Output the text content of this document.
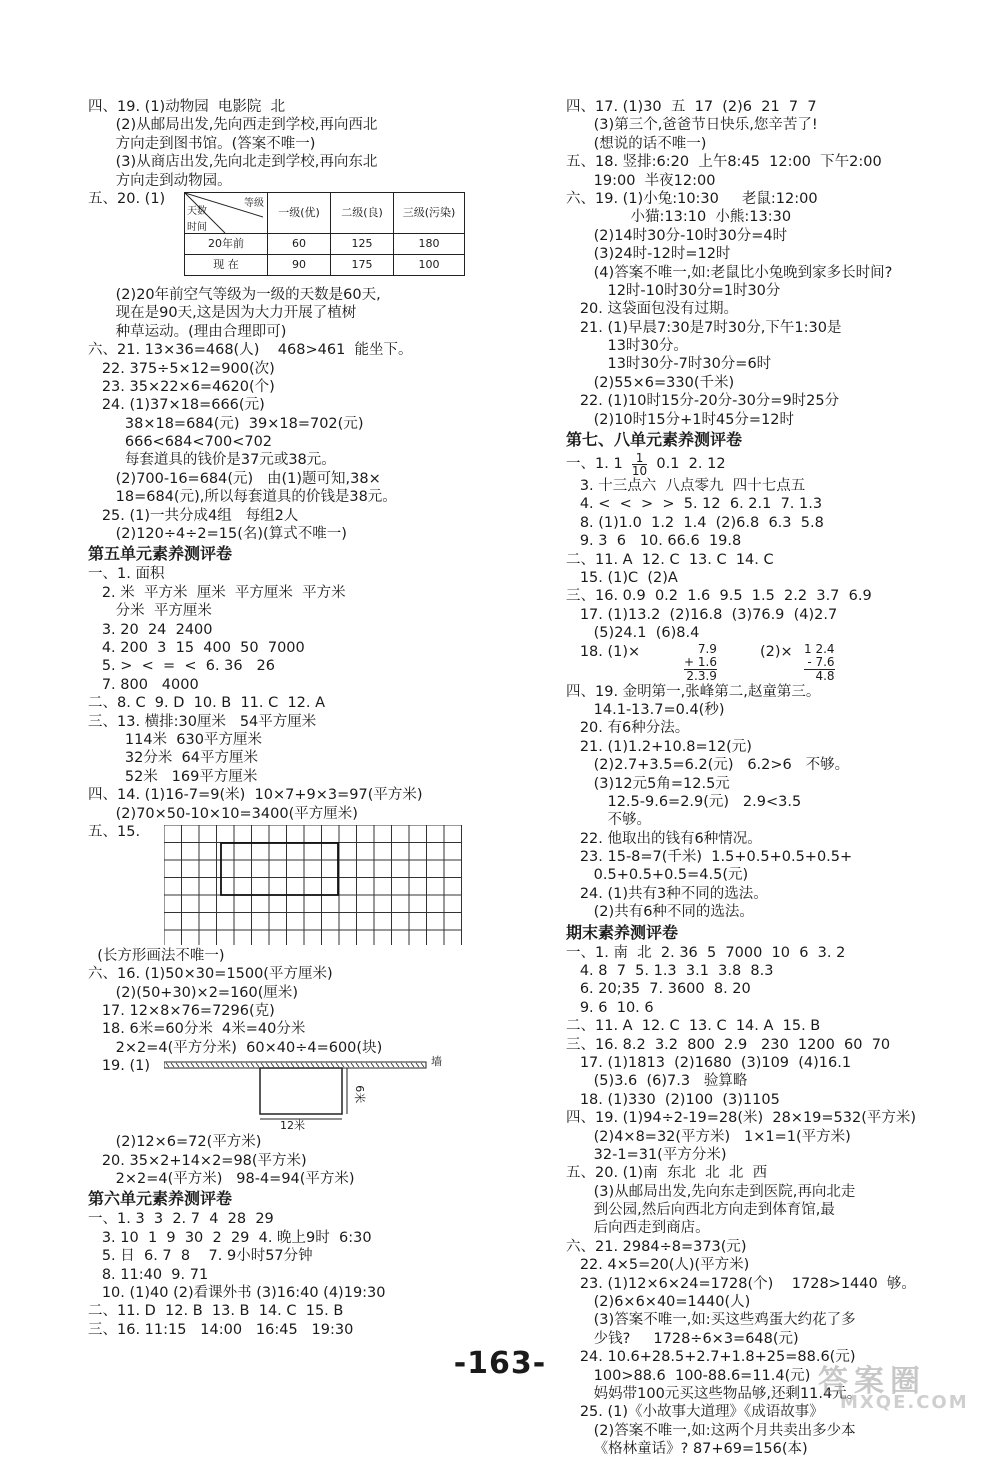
四、19. (1)动物园  电影院  北
(2)从邮局出发,先向西走到学校,再向西北
方向走到图书馆。(答案不唯一)
(3)从商店出发,先向北走到学校,再向东北
方向走到动物园。
五、20. (1)	等级
天数
时间	一级(优)	二级(良)	三级(污染)
20年前	60	125	180
现 在	90	175	100
(2)20年前空气等级为一级的天数是60天,
现在是90天,这是因为大力开展了植树
种草运动。(理由合理即可)
六、21. 13×36=468(人)    468>461  能坐下。
22. 375÷5×12=900(次)
23. 35×22×6=4620(个)
24. (1)37×18=666(元)
38×18=684(元)  39×18=702(元)
666<684<700<702
每套道具的钱价是37元或38元。
(2)700-16=684(元)   由(1)题可知,38×
18=684(元),所以每套道具的价钱是38元。
25. (1)一共分成4组   每组2人
(2)120÷4÷2=15(名)(算式不唯一)
第五单元素养测评卷
一、1. 面积
2. 米  平方米  厘米  平方厘米  平方米
分米  平方厘米
3. 20  24  2400
4. 200  3  15  400  50  7000
5. >  <  =  <  6. 36   26
7. 800   4000
二、8. C  9. D  10. B  11. C  12. A
三、13. 横排:30厘米   54平方厘米
114米  630平方厘米
32分米  64平方厘米
52米   169平方厘米
四、14. (1)16-7=9(米)  10×7+9×3=97(平方米)
(2)70×50-10×10=3400(平方厘米)
五、15.
(长方形画法不唯一)
六、16. (1)50×30=1500(平方厘米)
(2)(50+30)×2=160(厘米)
17. 12×8×76=7296(克)
18. 6米=60分米  4米=40分米
2×2=4(平方分米)  60×40÷4=600(块)
19. (1)	墙
12米
6米
(2)12×6=72(平方米)
20. 35×2+14×2=98(平方米)
2×2=4(平方米)   98-4=94(平方米)
第六单元素养测评卷
一、1. 3  3  2. 7  4  28  29
3. 10  1  9  30  2  29  4. 晚上9时  6:30
5. 日  6. 7  8    7. 9小时57分钟
8. 11:40  9. 71
10. (1)40 (2)看课外书 (3)16:40 (4)19:30
二、11. D  12. B  13. B  14. C  15. B
三、16. 11:15   14:00   16:45   19:30
四、17. (1)30  五  17  (2)6  21  7  7
(3)第三个,爸爸节日快乐,您辛苦了!
(想说的话不唯一)
五、18. 竖排:6:20  上午8:45  12:00  下午2:00
19:00  半夜12:00
六、19. (1)小兔:10:30     老鼠:12:00
小猫:13:10  小熊:13:30
(2)14时30分-10时30分=4时
(3)24时-12时=12时
(4)答案不唯一,如:老鼠比小兔晚到家多长时间?
12时-10时30分=1时30分
20. 这袋面包没有过期。
21. (1)早晨7:30是7时30分,下午1:30是
13时30分。
13时30分-7时30分=6时
(2)55×6=330(千米)
22. (1)10时15分-20分-30分=9时25分
(2)10时15分+1时45分=12时
第七、八单元素养测评卷
一、1. $1 \frac{1}{10} 0.1$  2. 12
3. 十三点六  八点零九  四十七点五
4. <  <  >  >  5. 12  6. 2.1  7. 1.3
8. (1)1.0  1.2  1.4  (2)6.8  6.3  5.8
9. 3  6   10. 66.6  19.8
二、11. A  12. C  13. C  14. C
15. (1)C  (2)A
三、16. 0.9  0.2  1.6  9.5  1.5  2.2  3.7  6.9
17. (1)13.2  (2)16.8  (3)76.9  (4)2.7
(5)24.1  (6)8.4
18. (1)×	7.9
+ 1.6
2.3.9
(2)× 1 2.4
- 7.6
4.8
四、19. 金明第一,张峰第二,赵童第三。
14.1-13.7=0.4(秒)
20. 有6种分法。
21. (1)1.2+10.8=12(元)
(2)2.7+3.5=6.2(元)   6.2>6   不够。
(3)12元5角=12.5元
12.5-9.6=2.9(元)   2.9<3.5
不够。
22. 他取出的钱有6种情况。
23. 15-8=7(千米)  1.5+0.5+0.5+0.5+
0.5+0.5+0.5=4.5(元)
24. (1)共有3种不同的选法。
(2)共有6种不同的选法。
期末素养测评卷
一、1. 南  北  2. 36  5  7000  10  6  3. 2
4. 8  7  5. 1.3  3.1  3.8  8.3
6. 20;35  7. 3600  8. 20
9. 6  10. 6
二、11. A  12. C  13. C  14. A  15. B
三、16. 8.2  3.2  800  2.9   230  1200  60  70
17. (1)1813  (2)1680  (3)109  (4)16.1
(5)3.6  (6)7.3   验算略
18. (1)330  (2)100  (3)1105
四、19. (1)94÷2-19=28(米)  28×19=532(平方米)
(2)4×8=32(平方米)   1×1=1(平方米)
32-1=31(平方分米)
五、20. (1)南  东北  北  北  西
(3)从邮局出发,先向东走到医院,再向北走
到公园,然后向西北方向走到体育馆,最
后向西走到商店。
六、21. 2984÷8=373(元)
22. 4×5=20(人)(平方米)
23. (1)12×6×24=1728(个)    1728>1440  够。
(2)6×6×40=1440(人)
(3)答案不唯一,如:买这些鸡蛋大约花了多
少钱?     1728÷6×3=648(元)
24. 10.6+28.5+2.7+1.8+25=88.6(元)
100>88.6  100-88.6=11.4(元)
妈妈带100元买这些物品够,还剩11.4元。
25. (1)《小故事大道理》《成语故事》
(2)答案不唯一,如:这两个月共卖出多少本
《格林童话》? 87+69=156(本)
-163-
答案圈
MXQE.COM
